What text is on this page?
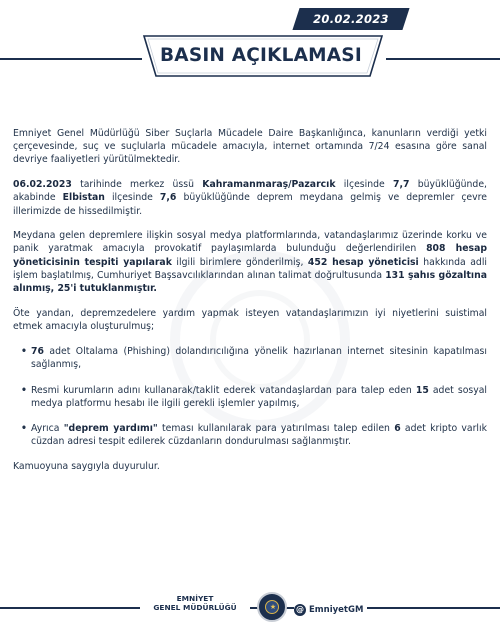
20.02.2023
BASIN AÇIKLAMASI

Emniyet Genel Müdürlüğü Siber Suçlarla Mücadele Daire Başkanlığınca, kanunların verdiği yetki çerçevesinde, suç ve suçlularla mücadele amacıyla, internet ortamında 7/24 esasına göre sanal devriye faaliyetleri yürütülmektedir.

06.02.2023 tarihinde merkez üssü Kahramanmaraş/Pazarcık ilçesinde 7,7 büyüklüğünde, akabinde Elbistan ilçesinde 7,6 büyüklüğünde deprem meydana gelmiş ve depremler çevre illerimizde de hissedilmiştir.

Meydana gelen depremlere ilişkin sosyal medya platformlarında, vatandaşlarımız üzerinde korku ve panik yaratmak amacıyla provokatif paylaşımlarda bulunduğu değerlendirilen 808 hesap yöneticisinin tespiti yapılarak ilgili birimlere gönderilmiş, 452 hesap yöneticisi hakkında adli işlem başlatılmış, Cumhuriyet Başsavcılıklarından alınan talimat doğrultusunda 131 şahıs gözaltına alınmış, 25'i tutuklanmıştır.

Öte yandan, depremzedelere yardım yapmak isteyen vatandaşlarımızın iyi niyetlerini suistimal etmek amacıyla oluşturulmuş;

• 76 adet Oltalama (Phishing) dolandırıcılığına yönelik hazırlanan internet sitesinin kapatılması sağlanmış,
• Resmi kurumların adını kullanarak/taklit ederek vatandaşlardan para talep eden 15 adet sosyal medya platformu hesabı ile ilgili gerekli işlemler yapılmış,
• Ayrıca "deprem yardımı" teması kullanılarak para yatırılması talep edilen 6 adet kripto varlık cüzdan adresi tespit edilerek cüzdanların dondurulması sağlanmıştır.

Kamuoyuna saygıyla duyurulur.

EMNİYET
GENEL MÜDÜRLÜĞÜ	★	@ EmniyetGM
